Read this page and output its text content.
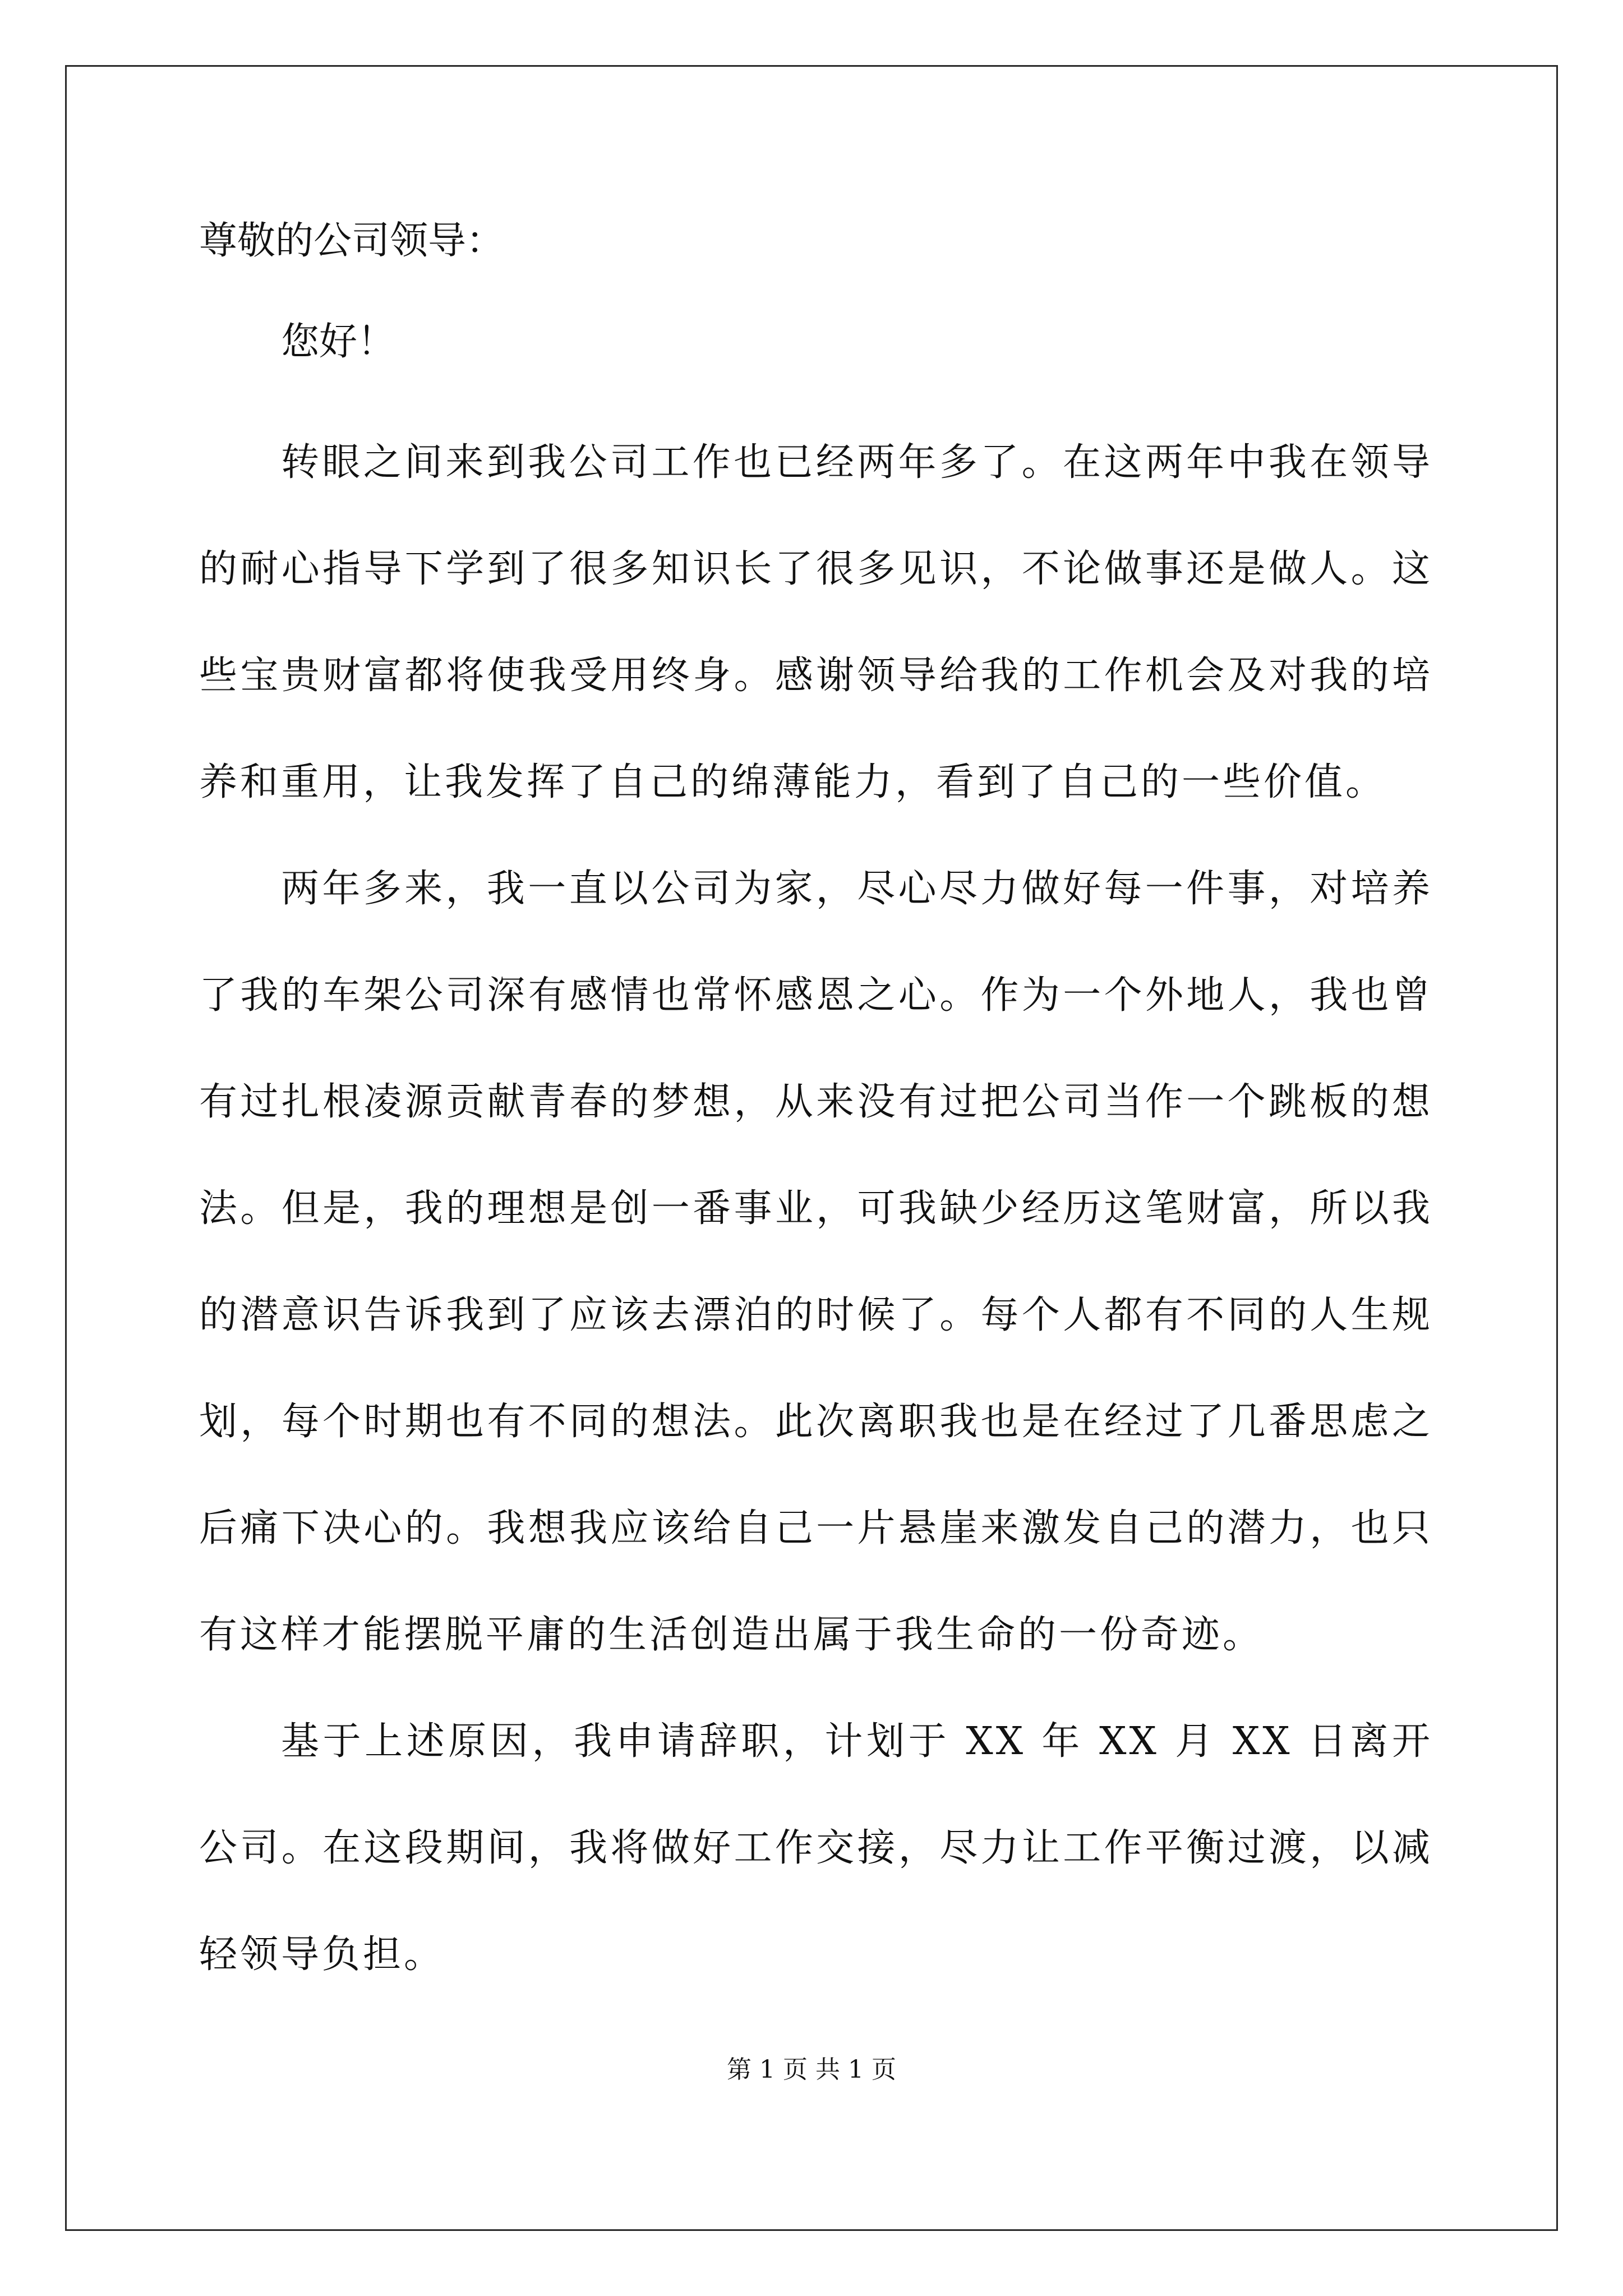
尊敬的公司领导：

您好！

转眼之间来到我公司工作也已经两年多了。在这两年中我在领导的耐心指导下学到了很多知识长了很多见识，不论做事还是做人。这些宝贵财富都将使我受用终身。感谢领导给我的工作机会及对我的培养和重用，让我发挥了自己的绵薄能力，看到了自己的一些价值。

两年多来，我一直以公司为家，尽心尽力做好每一件事，对培养了我的车架公司深有感情也常怀感恩之心。作为一个外地人，我也曾有过扎根凌源贡献青春的梦想，从来没有过把公司当作一个跳板的想法。但是，我的理想是创一番事业，可我缺少经历这笔财富，所以我的潜意识告诉我到了应该去漂泊的时候了。每个人都有不同的人生规划，每个时期也有不同的想法。此次离职我也是在经过了几番思虑之后痛下决心的。我想我应该给自己一片悬崖来激发自己的潜力，也只有这样才能摆脱平庸的生活创造出属于我生命的一份奇迹。

基于上述原因，我申请辞职，计划于 XX 年 XX 月 XX 日离开公司。在这段期间，我将做好工作交接，尽力让工作平衡过渡，以减轻领导负担。

第 1 页 共 1 页
